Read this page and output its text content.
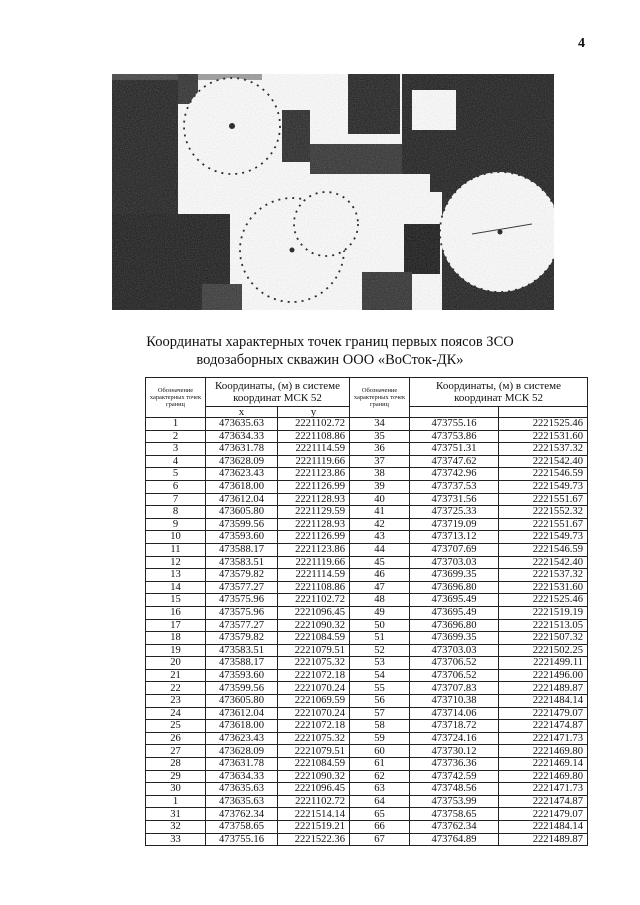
4
Координаты характерных точек границ первых поясов ЗСО
водозаборных скважин ООО «ВоСток-ДК»
Обозначение характерных точек границ	Координаты, (м) в системе координат МСК 52		Обозначение характерных точек границ	Координаты, (м) в системе координат МСК 52	
	x	y			
1	473635.63	2221102.72	34	473755.16	2221525.46
2	473634.33	2221108.86	35	473753.86	2221531.60
3	473631.78	2221114.59	36	473751.31	2221537.32
4	473628.09	2221119.66	37	473747.62	2221542.40
5	473623.43	2221123.86	38	473742.96	2221546.59
6	473618.00	2221126.99	39	473737.53	2221549.73
7	473612.04	2221128.93	40	473731.56	2221551.67
8	473605.80	2221129.59	41	473725.33	2221552.32
9	473599.56	2221128.93	42	473719.09	2221551.67
10	473593.60	2221126.99	43	473713.12	2221549.73
11	473588.17	2221123.86	44	473707.69	2221546.59
12	473583.51	2221119.66	45	473703.03	2221542.40
13	473579.82	2221114.59	46	473699.35	2221537.32
14	473577.27	2221108.86	47	473696.80	2221531.60
15	473575.96	2221102.72	48	473695.49	2221525.46
16	473575.96	2221096.45	49	473695.49	2221519.19
17	473577.27	2221090.32	50	473696.80	2221513.05
18	473579.82	2221084.59	51	473699.35	2221507.32
19	473583.51	2221079.51	52	473703.03	2221502.25
20	473588.17	2221075.32	53	473706.52	2221499.11
21	473593.60	2221072.18	54	473706.52	2221496.00
22	473599.56	2221070.24	55	473707.83	2221489.87
23	473605.80	2221069.59	56	473710.38	2221484.14
24	473612.04	2221070.24	57	473714.06	2221479.07
25	473618.00	2221072.18	58	473718.72	2221474.87
26	473623.43	2221075.32	59	473724.16	2221471.73
27	473628.09	2221079.51	60	473730.12	2221469.80
28	473631.78	2221084.59	61	473736.36	2221469.14
29	473634.33	2221090.32	62	473742.59	2221469.80
30	473635.63	2221096.45	63	473748.56	2221471.73
1	473635.63	2221102.72	64	473753.99	2221474.87
31	473762.34	2221514.14	65	473758.65	2221479.07
32	473758.65	2221519.21	66	473762.34	2221484.14
33	473755.16	2221522.36	67	473764.89	2221489.87
